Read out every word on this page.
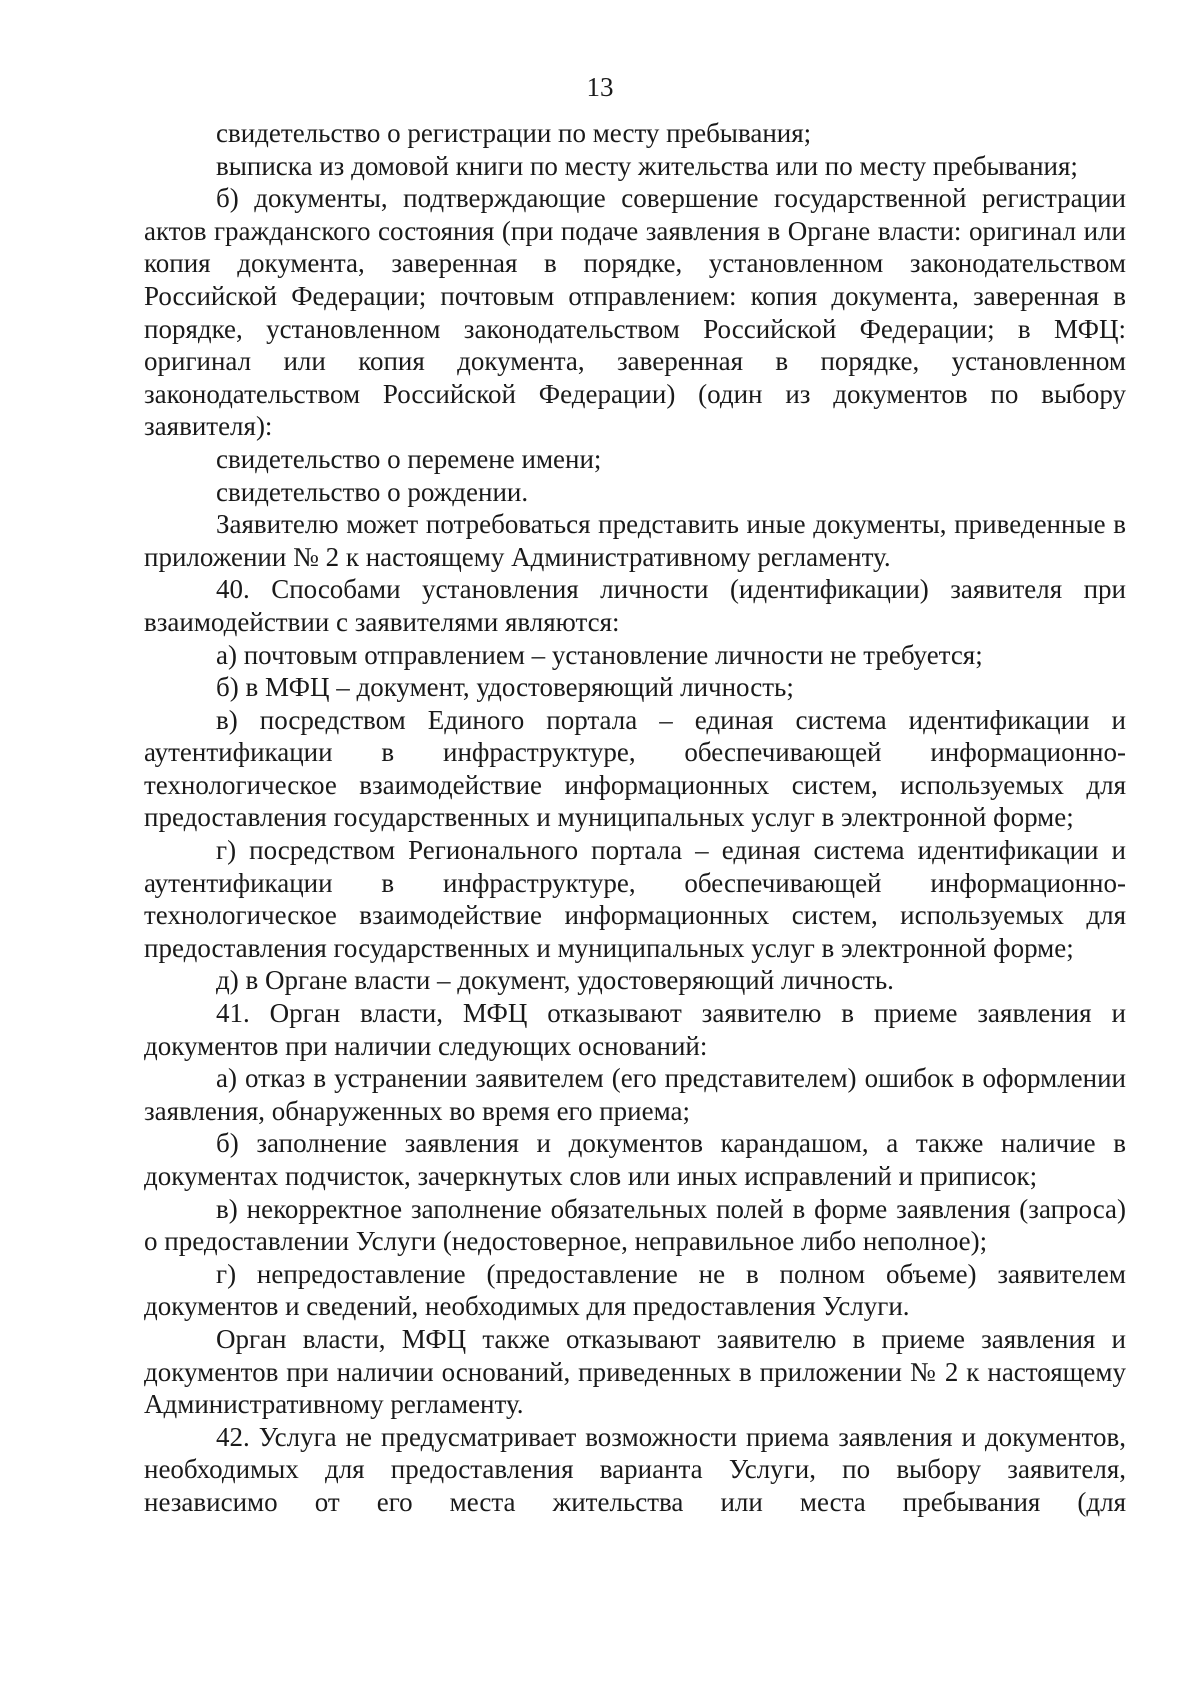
13

свидетельство о регистрации по месту пребывания;

выписка из домовой книги по месту жительства или по месту пребывания;

б) документы, подтверждающие совершение государственной регистрации актов гражданского состояния (при подаче заявления в Органе власти: оригинал или копия документа, заверенная в порядке, установленном законодательством Российской Федерации; почтовым отправлением: копия документа, заверенная в порядке, установленном законодательством Российской Федерации; в МФЦ: оригинал или копия документа, заверенная в порядке, установленном законодательством Российской Федерации) (один из документов по выбору заявителя):

свидетельство о перемене имени;

свидетельство о рождении.

Заявителю может потребоваться представить иные документы, приведенные в приложении № 2 к настоящему Административному регламенту.

40. Способами установления личности (идентификации) заявителя при взаимодействии с заявителями являются:

а) почтовым отправлением – установление личности не требуется;

б) в МФЦ – документ, удостоверяющий личность;

в) посредством Единого портала – единая система идентификации и аутентификации в инфраструктуре, обеспечивающей информационно-технологическое взаимодействие информационных систем, используемых для предоставления государственных и муниципальных услуг в электронной форме;

г) посредством Регионального портала – единая система идентификации и аутентификации в инфраструктуре, обеспечивающей информационно-технологическое взаимодействие информационных систем, используемых для предоставления государственных и муниципальных услуг в электронной форме;

д) в Органе власти – документ, удостоверяющий личность.

41. Орган власти, МФЦ отказывают заявителю в приеме заявления и документов при наличии следующих оснований:

а) отказ в устранении заявителем (его представителем) ошибок в оформлении заявления, обнаруженных во время его приема;

б) заполнение заявления и документов карандашом, а также наличие в документах подчисток, зачеркнутых слов или иных исправлений и приписок;

в) некорректное заполнение обязательных полей в форме заявления (запроса) о предоставлении Услуги (недостоверное, неправильное либо неполное);

г) непредоставление (предоставление не в полном объеме) заявителем документов и сведений, необходимых для предоставления Услуги.

Орган власти, МФЦ также отказывают заявителю в приеме заявления и документов при наличии оснований, приведенных в приложении № 2 к настоящему Административному регламенту.

42. Услуга не предусматривает возможности приема заявления и документов, необходимых для предоставления варианта Услуги, по выбору заявителя, независимо от его места жительства или места пребывания (для
